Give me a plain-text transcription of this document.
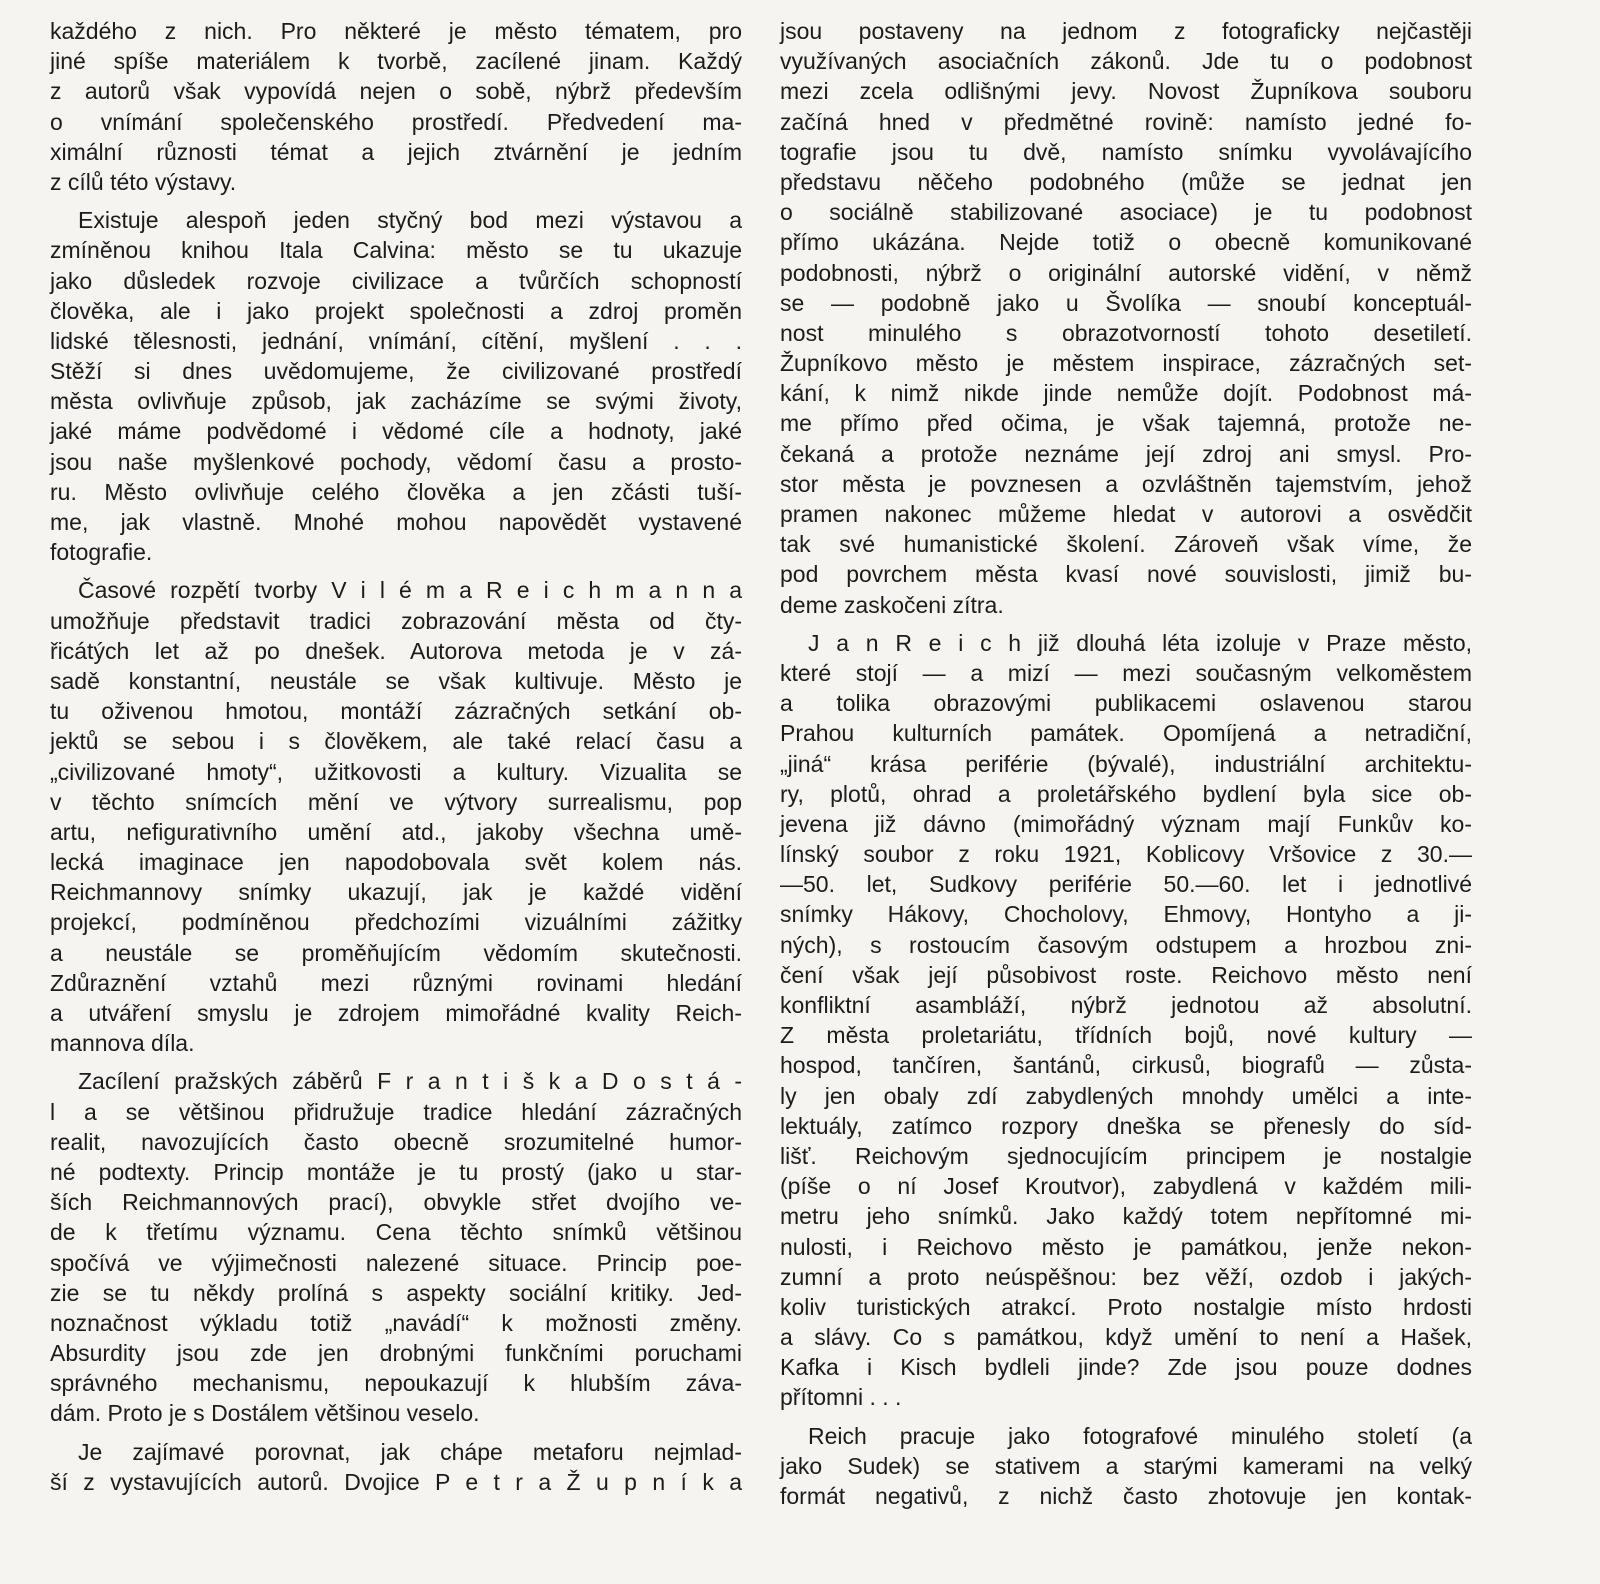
každého z nich. Pro některé je město tématem, pro
jiné spíše materiálem k tvorbě, zacílené jinam. Každý
z autorů však vypovídá nejen o sobě, nýbrž především
o vnímání společenského prostředí. Předvedení ma-
ximální různosti témat a jejich ztvárnění je jedním
z cílů této výstavy.
Existuje alespoň jeden styčný bod mezi výstavou a
zmíněnou knihou Itala Calvina: město se tu ukazuje
jako důsledek rozvoje civilizace a tvůrčích schopností
člověka, ale i jako projekt společnosti a zdroj proměn
lidské tělesnosti, jednání, vnímání, cítění, myšlení . . .
Stěží si dnes uvědomujeme, že civilizované prostředí
města ovlivňuje způsob, jak zacházíme se svými životy,
jaké máme podvědomé i vědomé cíle a hodnoty, jaké
jsou naše myšlenkové pochody, vědomí času a prosto-
ru. Město ovlivňuje celého člověka a jen zčásti tuší-
me, jak vlastně. Mnohé mohou napovědět vystavené
fotografie.
Časové rozpětí tvorby V i l é m a R e i c h m a n n a
umožňuje představit tradici zobrazování města od čty-
řicátých let až po dnešek. Autorova metoda je v zá-
sadě konstantní, neustále se však kultivuje. Město je
tu oživenou hmotou, montáží zázračných setkání ob-
jektů se sebou i s člověkem, ale také relací času a
„civilizované hmoty“, užitkovosti a kultury. Vizualita se
v těchto snímcích mění ve výtvory surrealismu, pop
artu, nefigurativního umění atd., jakoby všechna umě-
lecká imaginace jen napodobovala svět kolem nás.
Reichmannovy snímky ukazují, jak je každé vidění
projekcí, podmíněnou předchozími vizuálními zážitky
a neustále se proměňujícím vědomím skutečnosti.
Zdůraznění vztahů mezi různými rovinami hledání
a utváření smyslu je zdrojem mimořádné kvality Reich-
mannova díla.
Zacílení pražských záběrů F r a n t i š k a D o s t á -
l a se většinou přidružuje tradice hledání zázračných
realit, navozujících často obecně srozumitelné humor-
né podtexty. Princip montáže je tu prostý (jako u star-
ších Reichmannových prací), obvykle střet dvojího ve-
de k třetímu významu. Cena těchto snímků většinou
spočívá ve výjimečnosti nalezené situace. Princip poe-
zie se tu někdy prolíná s aspekty sociální kritiky. Jed-
noznačnost výkladu totiž „navádí“ k možnosti změny.
Absurdity jsou zde jen drobnými funkčními poruchami
správného mechanismu, nepoukazují k hlubším záva-
dám. Proto je s Dostálem většinou veselo.
Je zajímavé porovnat, jak chápe metaforu nejmlad-
ší z vystavujících autorů. Dvojice P e t r a Ž u p n í k a
jsou postaveny na jednom z fotograficky nejčastěji
využívaných asociačních zákonů. Jde tu o podobnost
mezi zcela odlišnými jevy. Novost Župníkova souboru
začíná hned v předmětné rovině: namísto jedné fo-
tografie jsou tu dvě, namísto snímku vyvolávajícího
představu něčeho podobného (může se jednat jen
o sociálně stabilizované asociace) je tu podobnost
přímo ukázána. Nejde totiž o obecně komunikované
podobnosti, nýbrž o originální autorské vidění, v němž
se — podobně jako u Švolíka — snoubí konceptuál-
nost minulého s obrazotvorností tohoto desetiletí.
Župníkovo město je městem inspirace, zázračných set-
kání, k nimž nikde jinde nemůže dojít. Podobnost má-
me přímo před očima, je však tajemná, protože ne-
čekaná a protože neznáme její zdroj ani smysl. Pro-
stor města je povznesen a ozvláštněn tajemstvím, jehož
pramen nakonec můžeme hledat v autorovi a osvědčit
tak své humanistické školení. Zároveň však víme, že
pod povrchem města kvasí nové souvislosti, jimiž bu-
deme zaskočeni zítra.
J a n R e i c h již dlouhá léta izoluje v Praze město,
které stojí — a mizí — mezi současným velkoměstem
a tolika obrazovými publikacemi oslavenou starou
Prahou kulturních památek. Opomíjená a netradiční,
„jiná“ krása periférie (bývalé), industriální architektu-
ry, plotů, ohrad a proletářského bydlení byla sice ob-
jevena již dávno (mimořádný význam mají Funkův ko-
línský soubor z roku 1921, Koblicovy Vršovice z 30.—
—50. let, Sudkovy periférie 50.—60. let i jednotlivé
snímky Hákovy, Chocholovy, Ehmovy, Hontyho a ji-
ných), s rostoucím časovým odstupem a hrozbou zni-
čení však její působivost roste. Reichovo město není
konfliktní asambláží, nýbrž jednotou až absolutní.
Z města proletariátu, třídních bojů, nové kultury —
hospod, tančíren, šantánů, cirkusů, biografů — zůsta-
ly jen obaly zdí zabydlených mnohdy umělci a inte-
lektuály, zatímco rozpory dneška se přenesly do síd-
lišť. Reichovým sjednocujícím principem je nostalgie
(píše o ní Josef Kroutvor), zabydlená v každém mili-
metru jeho snímků. Jako každý totem nepřítomné mi-
nulosti, i Reichovo město je památkou, jenže nekon-
zumní a proto neúspěšnou: bez věží, ozdob i jakých-
koliv turistických atrakcí. Proto nostalgie místo hrdosti
a slávy. Co s památkou, když umění to není a Hašek,
Kafka i Kisch bydleli jinde? Zde jsou pouze dodnes
přítomni . . .
Reich pracuje jako fotografové minulého století (a
jako Sudek) se stativem a starými kamerami na velký
formát negativů, z nichž často zhotovuje jen kontak-
